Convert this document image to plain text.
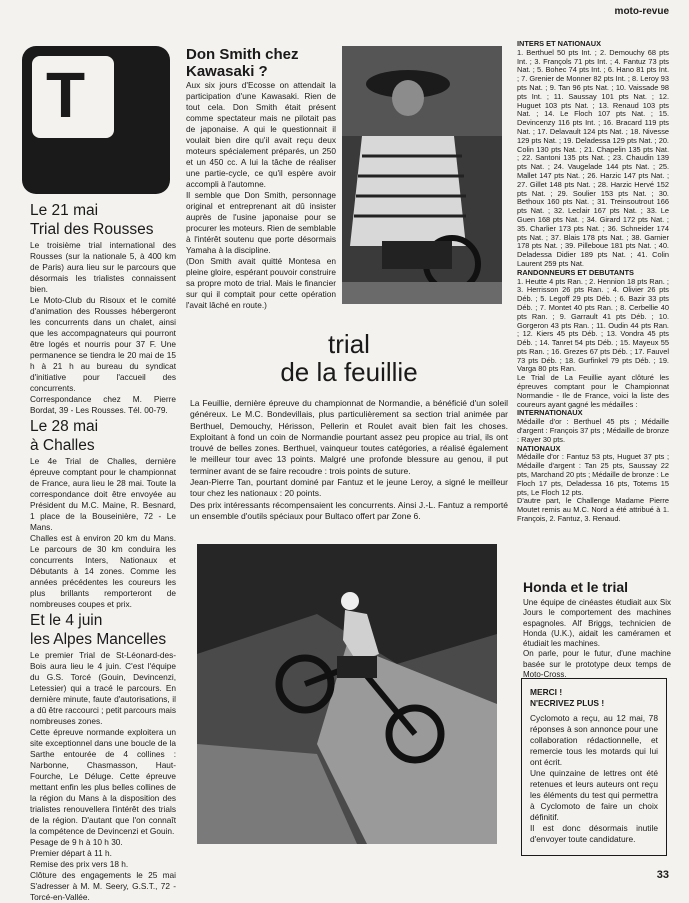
moto-revue
T rial
Le 21 mai
Trial des Rousses

Le troisième trial international des Rousses (sur la nationale 5, à 400 km de Paris) aura lieu sur le parcours que désormais les trialistes connaissent bien.

Le Moto-Club du Risoux et le comité d'animation des Rousses hébergeront les concurrents dans un chalet, ainsi que les accompagnateurs qui pourront être logés et nourris pour 37 F. Une permanence se tiendra le 20 mai de 15 h à 21 h au bureau du syndicat d'initiative pour l'accueil des concurrents.

Correspondance chez M. Pierre Bordat, 39 - Les Rousses. Tél. 00-79.

Le 28 mai
à Challes

Le 4e Trial de Challes, dernière épreuve comptant pour le championnat de France, aura lieu le 28 mai. Toute la correspondance doit être envoyée au Président du M.C. Maine, R. Besnard, 1 place de la Bouseinière, 72 - Le Mans.

Challes est à environ 20 km du Mans. Le parcours de 30 km conduira les concurrents Inters, Nationaux et Débutants à 14 zones. Comme les années précédentes les coureurs les plus brillants remporteront de nombreuses coupes et prix.

Et le 4 juin
les Alpes Mancelles

Le premier Trial de St-Léonard-des-Bois aura lieu le 4 juin. C'est l'équipe du G.S. Torcé (Gouin, Devincenzi, Letessier) qui a tracé le parcours. En dernière minute, faute d'autorisations, il a dû être raccourci ; petit parcours mais nombreuses zones.

Cette épreuve normande exploitera un site exceptionnel dans une boucle de la Sarthe entourée de 4 collines : Narbonne, Chasmasson, Haut-Fourche, Le Déluge. Cette épreuve mettant enfin les plus belles collines de la région du Mans à la disposition des trialistes renouvellera l'intérêt des trials de la région. D'autant que l'on connaît la compétence de Devincenzi et Gouin.

Pesage de 9 h à 10 h 30.

Premier départ à 11 h.

Remise des prix vers 18 h.

Clôture des engagements le 25 mai S'adresser à M. M. Seery, G.S.T., 72 - Torcé-en-Vallée.

Don Smith chez Kawasaki ?

Aux six jours d'Ecosse on attendait la participation d'une Kawasaki. Rien de tout cela. Don Smith était présent comme spectateur mais ne pilotait pas de japonaise. A qui le questionnait il voulait bien dire qu'il avait reçu deux moteurs spécialement préparés, un 250 et un 450 cc. A lui la tâche de réaliser une partie-cycle, ce qu'il espère avoir accompli à l'automne.

Il semble que Don Smith, personnage original et entreprenant ait dû insister auprès de l'usine japonaise pour se procurer les moteurs. Rien de semblable à l'intérêt soutenu que porte désormais Yamaha à la discipline.

(Don Smith avait quitté Montesa en pleine gloire, espérant pouvoir construire sa propre moto de trial. Mais le financier sur qui il comptait pour cette opération l'avait lâché en route.)

trial
de la feuillie

La Feuillie, dernière épreuve du championnat de Normandie, a bénéficié d'un soleil généreux. Le M.C. Bondevillais, plus particulièrement sa section trial animée par Berthuel, Demouchy, Hérisson, Pellerin et Roulet avait bien fait les choses. Exploitant à fond un coin de Normandie pourtant assez peu propice au trial, ils ont trouvé de belles zones. Berthuel, vainqueur toutes catégories, a réalisé également le meilleur tour avec 13 points. Malgré une profonde blessure au genou, il put terminer avant de se faire recoudre : trois points de suture.

Jean-Pierre Tan, pourtant dominé par Fantuz et le jeune Leroy, a signé le meilleur tour chez les nationaux : 20 points.

Des prix intéressants récompensaient les concurrents. Ainsi J.-L. Fantuz a remporté un ensemble d'outils spéciaux pour Bultaco offert par Zone 6.

INTERS ET NATIONAUX
1. Berthuel 50 pts Int. ; 2. Demouchy 68 pts Int. ; 3. Françols 71 pts Int. ; 4. Fantuz 73 pts Nat. ; 5. Bohec 74 pts Int. ; 6. Hano 81 pts Int. ; 7. Grenier de Monner 82 pts Int. ; 8. Leroy 93 pts Nat. ; 9. Tan 96 pts Nat. ; 10. Vaissade 98 pts Int. ; 11. Saussay 101 pts Nat. ; 12. Huguet 103 pts Nat. ; 13. Renaud 103 pts Nat. ; 14. Le Floch 107 pts Nat. ; 15. Devincenzy 116 pts Int. ; 16. Bracard 119 pts Nat. ; 17. Delavault 124 pts Nat. ; 18. Nivesse 129 pts Nat. ; 19. Deladessa 129 pts Nat. ; 20. Colin 130 pts Nat. ; 21. Chapelin 135 pts Nat. ; 22. Santoni 135 pts Nat. ; 23. Chaudin 139 pts Nat. ; 24. Vaugelade 144 pts Nat. ; 25. Mallet 147 pts Nat. ; 26. Harzic 147 pts Nat. ; 27. Gillet 148 pts Nat. ; 28. Harzic Hervé 152 pts Nat. ; 29. Soulier 153 pts Nat. ; 30. Bethoux 160 pts Nat. ; 31. Treinsoutrout 166 pts Nat. ; 32. Leclair 167 pts Nat. ; 33. Le Guen 168 pts Nat. ; 34. Girard 172 pts Nat. ; 35. Charlier 173 pts Nat. ; 36. Schneider 174 pts Nat. ; 37. Blais 178 pts Nat. ; 38. Garnier 178 pts Nat. ; 39. Pilleboue 181 pts Nat. ; 40. Deladessa Didier 189 pts Nat. ; 41. Colin Laurent 259 pts Nat.
RANDONNEURS ET DEBUTANTS
1. Heutte 4 pts Ran. ; 2. Hennion 18 pts Ran. ; 3. Herrisson 26 pts Ran. ; 4. Olivier 26 pts Déb. ; 5. Legoff 29 pts Déb. ; 6. Bazir 33 pts Déb. ; 7. Montet 40 pts Ran. ; 8. Cerbellie 40 pts Ran. ; 9. Garrault 41 pts Déb. ; 10. Gorgeron 43 pts Ran. ; 11. Oudin 44 pts Ran. ; 12. Kiers 45 pts Déb. ; 13. Vondra 45 pts Déb. ; 14. Tanret 54 pts Déb. ; 15. Mayeux 55 pts Ran. ; 16. Grezes 67 pts Déb. ; 17. Fauvel 73 pts Déb. ; 18. Gurfinkel 79 pts Déb. ; 19. Varga 80 pts Ran.
Le Trial de La Feuillie ayant clôturé les épreuves comptant pour le Championnat Normandie - Ile de France, voici la liste des coureurs ayant gagné les médailles :
INTERNATIONAUX
Médaille d'or : Berthuel 45 pts ; Médaille d'argent : François 37 pts ; Médaille de bronze : Rayer 30 pts.
NATIONAUX
Médaille d'or : Fantuz 53 pts, Huguet 37 pts ; Médaille d'argent : Tan 25 pts, Saussay 22 pts, Marchand 20 pts ; Médaille de bronze : Le Floch 17 pts, Deladessa 16 pts, Totems 15 pts, Le Floch 12 pts.
D'autre part, le Challenge Madame Pierre Moutet remis au M.C. Nord a été attribué à 1. François, 2. Fantuz, 3. Renaud.
Honda et le trial

Une équipe de cinéastes étudiait aux Six Jours le comportement des machines espagnoles. Alf Briggs, technicien de Honda (U.K.), aidait les caméramen et étudiait les machines.

On parle, pour le futur, d'une machine basée sur le prototype deux temps de Moto-Cross.

MERCI !
N'ECRIVEZ PLUS !

Cyclomoto a reçu, au 12 mai, 78 réponses à son annonce pour une collaboration rédactionnelle, et remercie tous les motards qui lui ont écrit.

Une quinzaine de lettres ont été retenues et leurs auteurs ont reçu les éléments du test qui permettra à Cyclomoto de faire un choix définitif.

Il est donc désormais inutile d'envoyer toute candidature.

33
